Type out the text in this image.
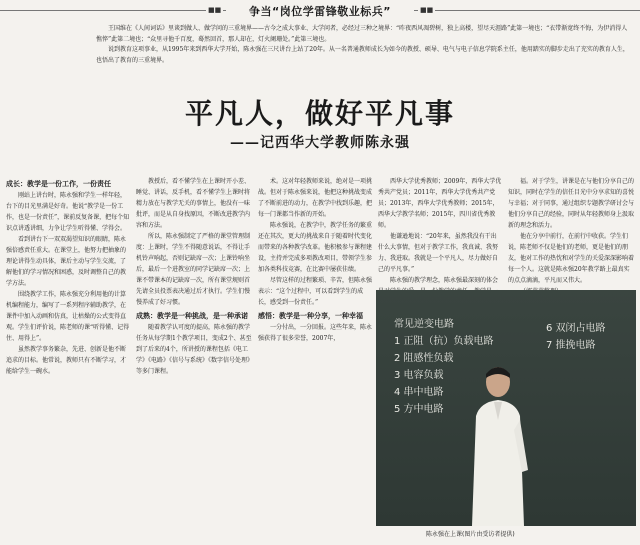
■■	争当“岗位学雷锋敬业标兵”	■■

王国维在《人间词话》里谈到做人、做学问的三重境界——古今之成大事业、大学问者，必经过三种之境界：“昨夜西风凋碧树，独上高楼，望尽天涯路”此第一境也；“衣带渐宽终不悔，为伊消得人憔悴”此第二境也；“众里寻他千百度，蓦然回首，那人却在，灯火阑珊处。”此第三境也。

说到教育这项事业，从1995年来到西华大学开始，陈永强在三尺讲台上站了20年。从一名普通教师成长为如今的教授、硕导、电气与电子信息学院系主任，他用踏实的脚步走出了充实的教育人生，也悟出了教育的三重境界。

平凡人，做好平凡事
——记西华大学教师陈永强
成长：教学是一份工作，一份责任

刚站上讲台时，陈永强和学生一样年轻，台下的目光里满是好奇。他说“教学是一份工作，也是一份责任”，课前反复备课，把每个知识点讲透讲细，力争让学生听得懂、学得会。

看到讲台下一双双渴望知识的眼睛，陈永强倍感责任重大。在课堂上，他努力把抽象的理论讲得生动具体，课后主动与学生交流，了解他们的学习情况和困惑，及时调整自己的教学方法。

围绕教学工作，陈永强充分利用他的计算机编程能力，编写了一系列程序辅助教学，在课件中加入动画和仿真，让枯燥的公式变得直观。学生们评价说，陈老师的课“听得懂、记得住、用得上”。

虽然教学事务繁杂，先进、创新是他不断追求的目标。他常说，教师只有不断学习，才能给学生一碗水。

教授后，看不懂学生在上课时开小差、睡觉、讲话，反手机，看不懂学生上课时将精力放在与教学无关的事情上，他没有一味批评，而是从自身找原因，不断改进教学内容和方法。

所以，陈永强制定了严格的课堂管理制度：上课时，学生不得随意说话，不得让手机铃声响起，否则记缺席一次；上课铃响坐后，最后一个进教室的同学记缺席一次；上课不带课本的记缺席一次，所有课堂规则首先请全员投票表决通过后才执行。学生们慢慢养成了好习惯。

成熟：教学是一种挑战，是一种承诺

随着教学认可度的提高，陈永强的教学任务从每学期1个教学项目，变成2个、甚至到了后来的4个，所讲授的课程包括《电工学》《电路》《信号与系统》《数字信号处理》等多门课程。

术。这对年轻教师来说，绝对是一项挑战。但对于陈永强来说，他把这种挑战变成了不断前进的动力，在教学中找到乐趣，把每一门课都当作新的开始。

陈永强说，在教学中，教学任务的繁重还在其次，更大的挑战来自于随着时代变化而带来的各种教学改革。他积极参与课程建设，主持并完成多项教改项目，带领学生参加各类科技竞赛，在比赛中屡获佳绩。

尽管这样的过程繁琐、辛苦，但陈永强表示：“这个过程中，可以看到学生的成长，感受到一份责任。”

感悟：教学是一种分享，一种幸福

一分付出，一分回报。这些年来，陈永强获得了很多荣誉，2007年，

西华大学优秀教师；2009年，西华大学优秀共产党员；2011年，西华大学优秀共产党员；2013年，西华大学优秀教师；2015年，西华大学教学名师；2015年，四川省优秀教师。

他谦逊地说：“20年来，虽然我没有干出什么大事情，但对于教学工作，我真诚、我努力、我进取。我就是一个平凡人，尽力做好自己的平凡事。”

陈永强的教学理念，陈永强最深刻的体会

福。对于学生，讲课是在与他们分享自己的知识，同时在学生的信任目光中分享求知的喜悦与幸福；对于同事，通过组织专题教学研讨会与他们分享自己的经验，同时从年轻教师身上汲取新的理念和活力。

他在分享中前行，在前行中收获。学生们说，陈老师不仅是他们的老师，更是他们的朋友，他对工作的热忱和对学生的关爱深深影响着每一个人。这就是陈永强20年教学路上最真实的点点滴滴，平凡而又伟大。

常见逆变电路
1 正阻（抗）负载电路
2 阻感性负载
3 电容负载
4 串中电路
5 方中电路
6 双闭占电路
7 推挽电路
陈永强在上课(图片由受访者提供)
